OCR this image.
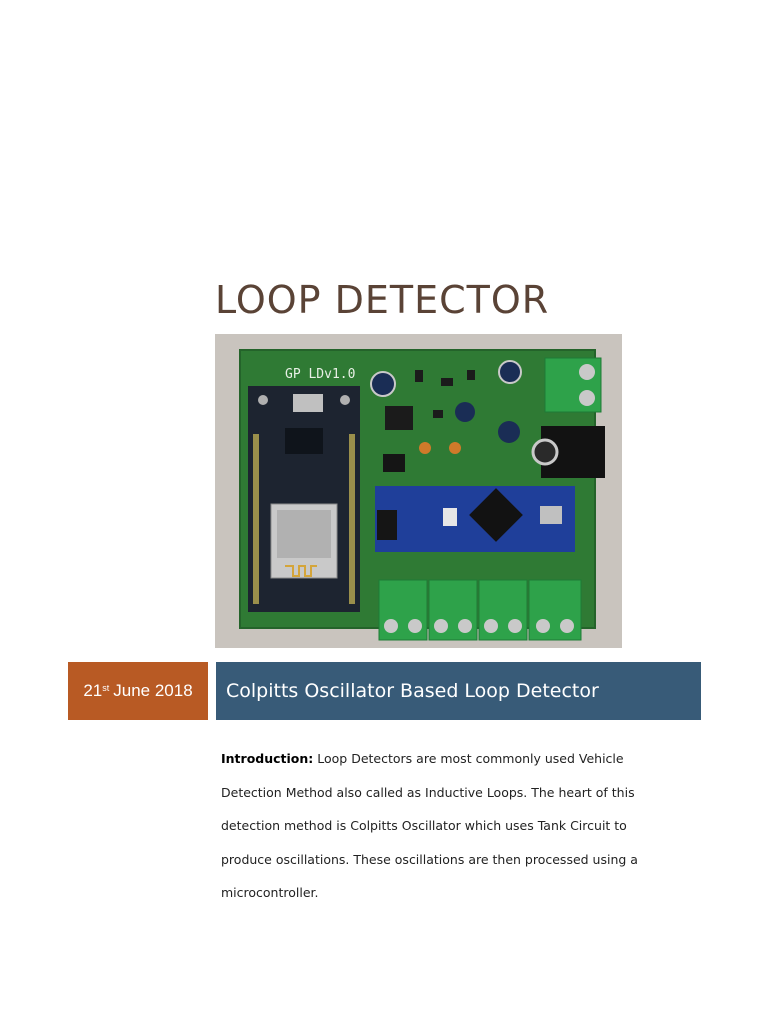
LOOP DETECTOR
GP LDv1.0
21st June 2018 Colpitts Oscillator Based Loop Detector

Introduction: Loop Detectors are most commonly used Vehicle Detection Method also called as Inductive Loops. The heart of this detection method is Colpitts Oscillator which uses Tank Circuit to produce oscillations. These oscillations are then processed using a microcontroller.
